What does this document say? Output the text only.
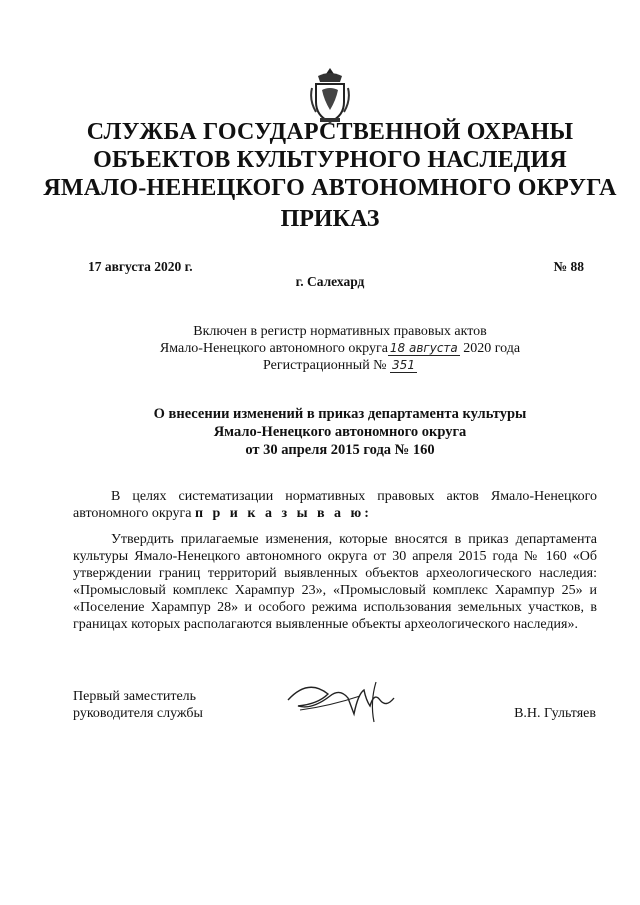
СЛУЖБА ГОСУДАРСТВЕННОЙ ОХРАНЫ
ОБЪЕКТОВ КУЛЬТУРНОГО НАСЛЕДИЯ
ЯМАЛО-НЕНЕЦКОГО АВТОНОМНОГО ОКРУГА
ПРИКАЗ
17 августа 2020 г.	№ 88
г. Салехард
Включен в регистр нормативных правовых актов
Ямало-Ненецкого автономного округа 18 августа 2020 года
Регистрационный № 351
О внесении изменений в приказ департамента культуры
Ямало-Ненецкого автономного округа
от 30 апреля 2015 года № 160
В целях систематизации нормативных правовых актов Ямало-Ненецкого автономного округа п р и к а з ы в а ю:
Утвердить прилагаемые изменения, которые вносятся в приказ департамента культуры Ямало-Ненецкого автономного округа от 30 апреля 2015 года № 160 «Об утверждении границ территорий выявленных объектов археологического наследия: «Промысловый комплекс Харампур 23», «Промысловый комплекс Харампур 25» и «Поселение Харампур 28» и особого режима использования земельных участков, в границах которых располагаются выявленные объекты археологического наследия».
Первый заместитель
руководителя службы	В.Н. Гультяев
